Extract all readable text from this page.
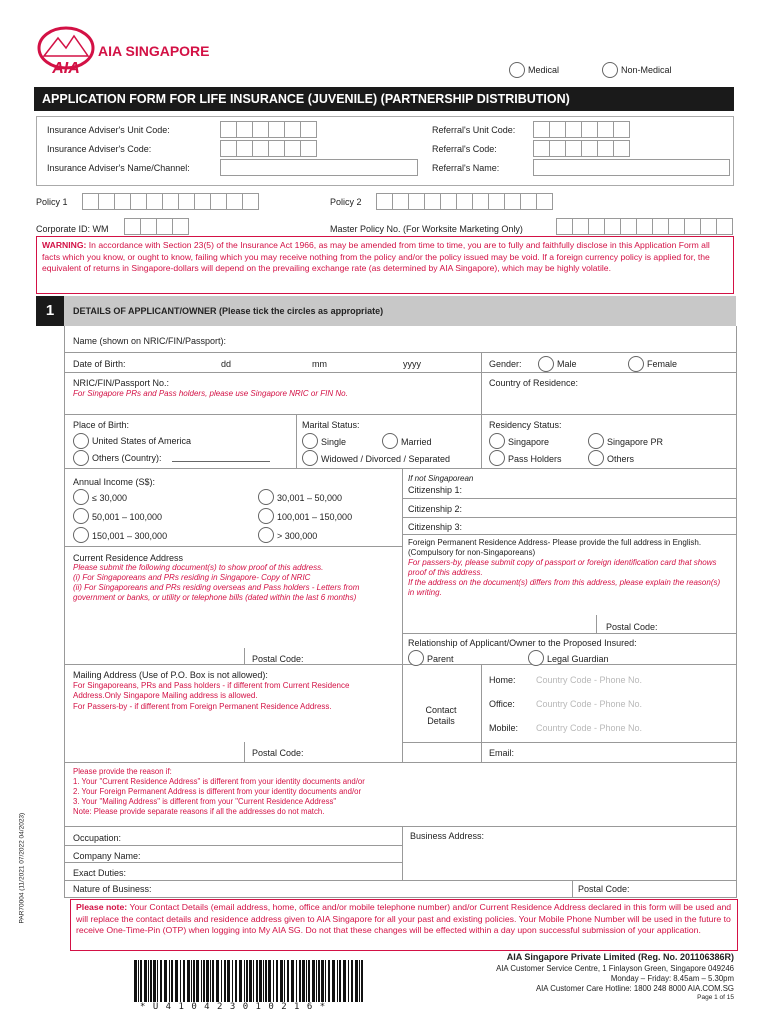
AIA
AIA SINGAPORE
Medical	Non-Medical
APPLICATION FORM FOR LIFE INSURANCE (JUVENILE) (PARTNERSHIP DISTRIBUTION)
Insurance Adviser's Unit Code:
Insurance Adviser's Code:
Insurance Adviser's Name/Channel:
Referral's Unit Code:
Referral's Code:
Referral's Name:
Policy 1	Policy 2
Corporate ID: WM	Master Policy No. (For Worksite Marketing Only)
WARNING: In accordance with Section 23(5) of the Insurance Act 1966, as may be amended from time to time, you are to fully and faithfully disclose in this Application Form all facts which you know, or ought to know, failing which you may receive nothing from the policy and/or the policy issued may be void. If a foreign currency policy is applied for, the equivalent of returns in Singapore-dollars will depend on the prevailing exchange rate (as determined by AIA Singapore), which may be highly volatile.
1	DETAILS OF APPLICANT/OWNER (Please tick the circles as appropriate)
Name (shown on NRIC/FIN/Passport):
Date of Birth:	dd	mm	yyyy	Gender:	Male	Female
NRIC/FIN/Passport No.:
For Singapore PRs and Pass holders, please use Singapore NRIC or FIN No.
Country of Residence:
Place of Birth:
United States of America
Others (Country):
Marital Status:
Single	Married
Widowed / Divorced / Separated
Residency Status:
Singapore	Singapore PR
Pass Holders	Others
Annual Income (S$):
≤ 30,000	30,001 – 50,000
50,001 – 100,000	100,001 – 150,000
150,001 – 300,000	> 300,000
If not Singaporean
Citizenship 1:
Citizenship 2:
Citizenship 3:
Current Residence Address
Please submit the following document(s) to show proof of this address.
(i) For Singaporeans and PRs residing in Singapore- Copy of NRIC
(ii) For Singaporeans and PRs residing overseas and Pass holders - Letters from government or banks, or utility or telephone bills (dated within the last 6 months)
Foreign Permanent Residence Address- Please provide the full address in English. (Compulsory for non-Singaporeans)
For passers-by, please submit copy of passport or foreign identification card that shows proof of this address.
If the address on the document(s) differs from this address, please explain the reason(s) in writing.
Postal Code:
Relationship of Applicant/Owner to the Proposed Insured:
Parent	Legal Guardian
Postal Code:
Mailing Address (Use of P.O. Box is not allowed):
For Singaporeans, PRs and Pass holders - if different from Current Residence Address.Only Singapore Mailing address is allowed.
For Passers-by - if different from Foreign Permanent Residence Address.
Postal Code:
Contact Details
Home: Country Code - Phone No.
Office: Country Code - Phone No.
Mobile: Country Code - Phone No.
Email:
Please provide the reason if:
1. Your "Current Residence Address" is different from your identity documents and/or
2. Your Foreign Permanent Address is different from your identity documents and/or
3. Your "Mailing Address" is different from your "Current Residence Address"
Note: Please provide separate reasons if all the addresses do not match.
Occupation:	Business Address:
Company Name:
Exact Duties:
Nature of Business:	Postal Code:
PAR70004 (11/2021 07/2022 04/2023)	Please note: Your Contact Details (email address, home, office and/or mobile telephone number) and/or Current Residence Address declared in this form will be used and will replace the contact details and residence address given to AIA Singapore for all your past and existing policies. Your Mobile Phone Number will be used in the future to receive One-Time-Pin (OTP) when logging into My AIA SG. Do not that these changes will be effected within a day upon successful submission of your application.
* U 4 1 0 4 2 3 0 1 0 2 1 6 *
AIA Singapore Private Limited (Reg. No. 201106386R)
AIA Customer Service Centre, 1 Finlayson Green, Singapore 049246
Monday – Friday: 8.45am – 5.30pm
AIA Customer Care Hotline: 1800 248 8000 AIA.COM.SG
Page 1 of 15
